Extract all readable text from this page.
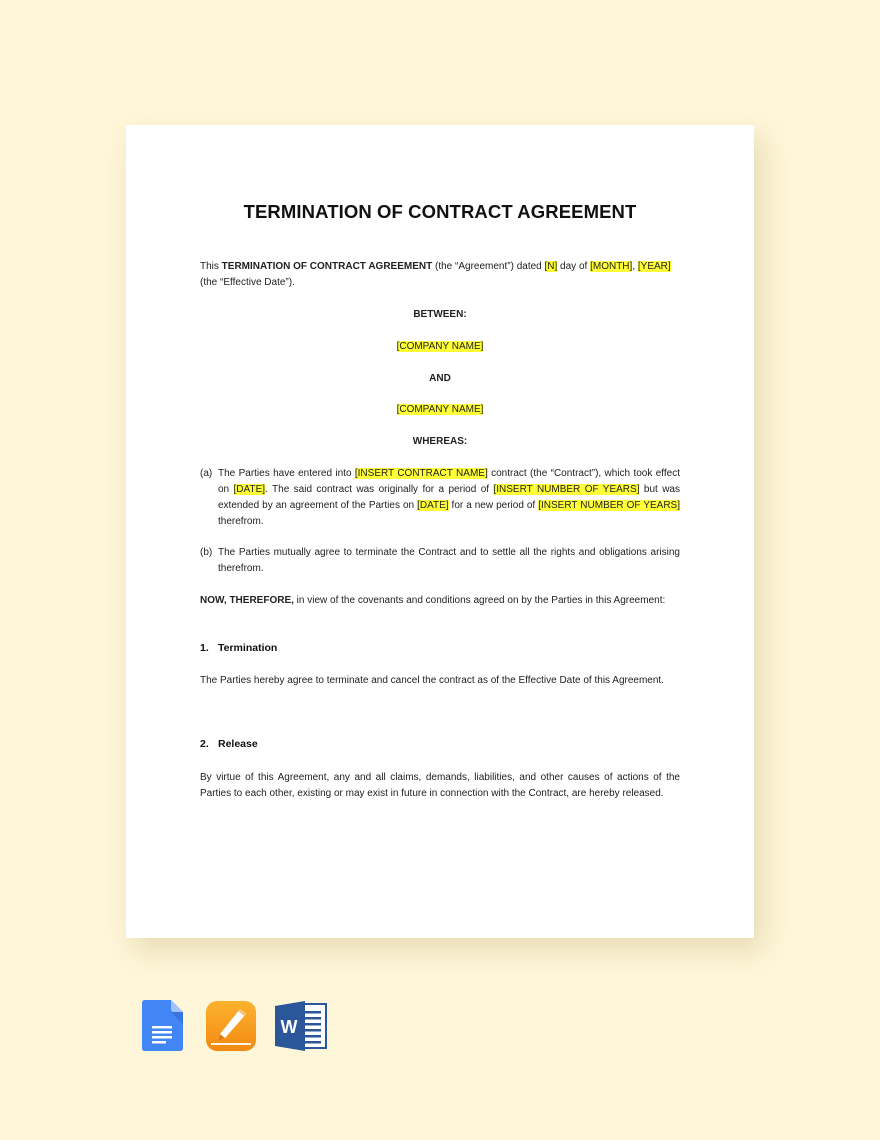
TERMINATION OF CONTRACT AGREEMENT
This TERMINATION OF CONTRACT AGREEMENT (the “Agreement”) dated [N] day of [MONTH], [YEAR]
(the “Effective Date”).
BETWEEN:
[COMPANY NAME]
AND
[COMPANY NAME]
WHEREAS:
(a) The Parties have entered into [INSERT CONTRACT NAME] contract (the “Contract”), which took effect on [DATE]. The said contract was originally for a period of [INSERT NUMBER OF YEARS] but was extended by an agreement of the Parties on [DATE] for a new period of [INSERT NUMBER OF YEARS] therefrom.
(b) The Parties mutually agree to terminate the Contract and to settle all the rights and obligations arising therefrom.
NOW, THEREFORE, in view of the covenants and conditions agreed on by the Parties in this Agreement:
1. Termination
The Parties hereby agree to terminate and cancel the contract as of the Effective Date of this Agreement.
2. Release
By virtue of this Agreement, any and all claims, demands, liabilities, and other causes of actions of the Parties to each other, existing or may exist in future in connection with the Contract, are hereby released.
W
